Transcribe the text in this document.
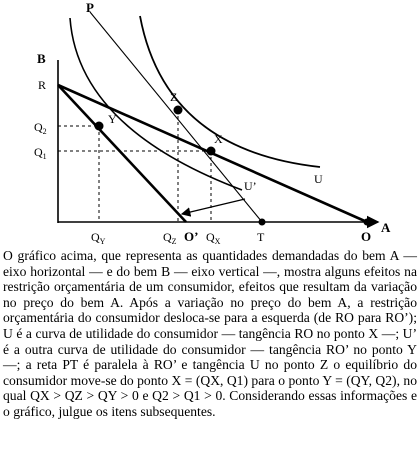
P
B
R
Z
Y
X
U’	U
O
A
$Q_2$
$Q_1$
$Q_Y$	$Q_Z$ O’ $Q_X$	T

O gráfico acima, que representa as quantidades demandadas do bem A — eixo horizontal — e do bem B — eixo vertical —, mostra alguns efeitos na restrição orçamentária de um consumidor, efeitos que resultam da variação no preço do bem A. Após a variação no preço do bem A, a restrição orçamentária do consumidor desloca-se para a esquerda (de RO para RO’); U é a curva de utilidade do consumidor — tangência RO no ponto X —; U’ é a outra curva de utilidade do consumidor — tangência RO’ no ponto Y —; a reta PT é paralela à RO’ e tangência U no ponto Z o equilíbrio do consumidor move-se do ponto X = (QX, Q1) para o ponto Y = (QY, Q2), no qual QX > QZ > QY > 0 e Q2 > Q1 > 0. Considerando essas informações e o gráfico, julgue os itens subsequentes.
